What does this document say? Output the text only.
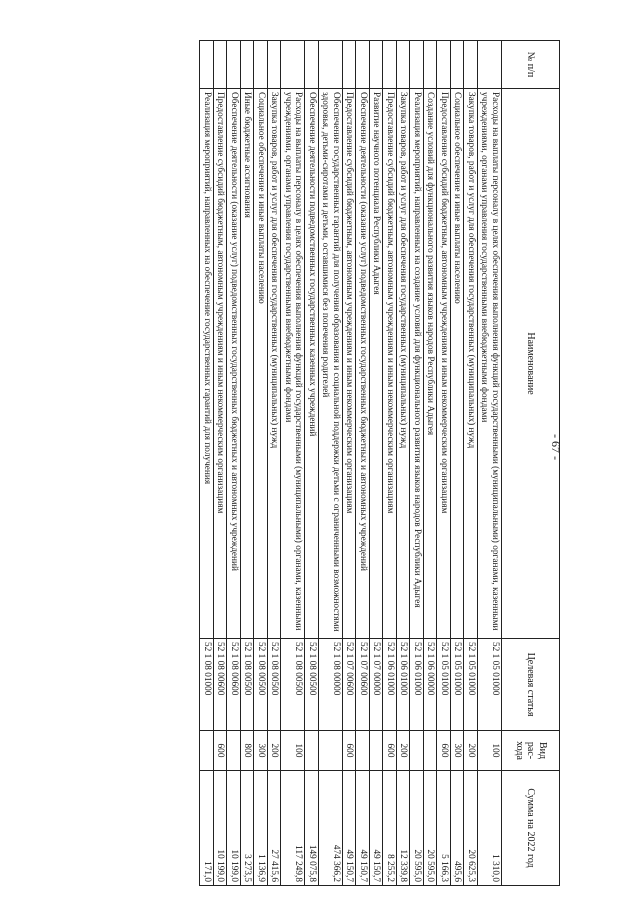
- 67 -
№ п/п	Наименование	Целевая статья	Вид рас-хода	Сумма на 2022 год
	Расходы на выплаты персоналу в целях обеспечения выполнения функций государственными (муниципальными) органами, казенными учреждениями, органами управления государственными внебюджетными фондами	52 1 05 01000	100	1 310,0
	Закупка товаров, работ и услуг для обеспечения государственных (муниципальных) нужд	52 1 05 01000	200	20 625,3
	Социальное обеспечение и иные выплаты населению	52 1 05 01000	300	495,6
	Предоставление субсидий бюджетным, автономным учреждениям и иным некоммерческим организациям	52 1 05 01000	600	5 166,3
	Создание условий для функционального развития языков народов Республики Адыгея	52 1 06 00000		20 595,0
	Реализация мероприятий, направленных на создание условий для функционального развития языков народов Республики Адыгея	52 1 06 01000		20 595,0
	Закупка товаров, работ и услуг для обеспечения государственных (муниципальных) нужд	52 1 06 01000	200	12 339,8
	Предоставление субсидий бюджетным, автономным учреждениям и иным некоммерческим организациям	52 1 06 01000	600	8 255,2
	Развитие научного потенциала Республики Адыгея	52 1 07 00000		49 150,7
	Обеспечение деятельности (оказание услуг) подведомственных государственных бюджетных и автономных учреждений	52 1 07 00600		49 150,7
	Предоставление субсидий бюджетным, автономным учреждениям и иным некоммерческим организациям	52 1 07 00600	600	49 150,7
	Обеспечение государственных гарантий для получения образования и социальной поддержки детьми с ограниченными возможностями здоровья, детьми-сиротами и детьми, оставшимися без попечения родителей	52 1 08 00000		474 366,2
	Обеспечение деятельности подведомственных государственных казенных учреждений	52 1 08 00500		149 075,8
	Расходы на выплаты персоналу в целях обеспечения выполнения функций государственными (муниципальными) органами, казенными учреждениями, органами управления государственными внебюджетными фондами	52 1 08 00500	100	117 249,8
	Закупка товаров, работ и услуг для обеспечения государственных (муниципальных) нужд	52 1 08 00500	200	27 415,6
	Социальное обеспечение и иные выплаты населению	52 1 08 00500	300	1 136,9
	Иные бюджетные ассигнования	52 1 08 00500	800	3 273,5
	Обеспечение деятельности (оказание услуг) подведомственных государственных бюджетных и автономных учреждений	52 1 08 00600		10 199,0
	Предоставление субсидий бюджетным, автономным учреждениям и иным некоммерческим организациям	52 1 08 00600	600	10 199,0
	Реализация мероприятий, направленных на обеспечение государственных гарантий для получения	52 1 08 01000		171,0
